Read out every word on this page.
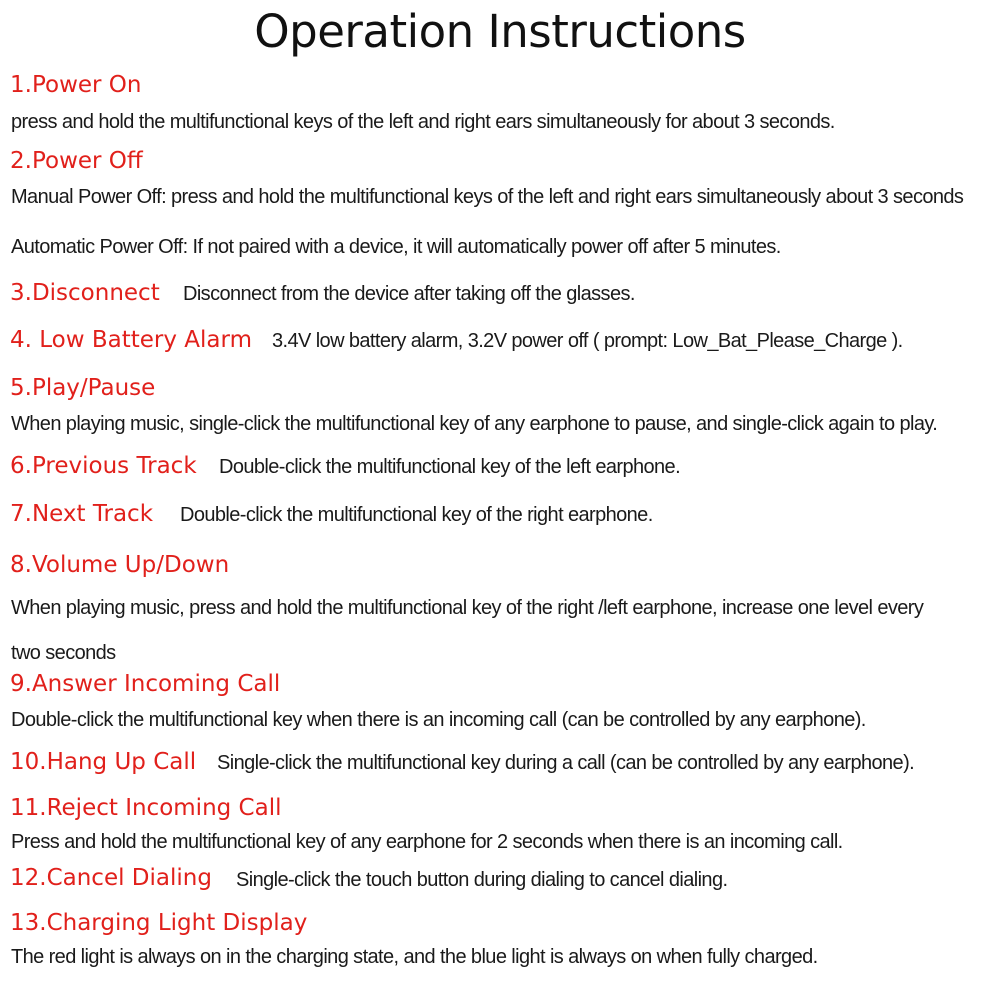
Operation Instructions
1.Power On
press and hold the multifunctional keys of the left and right ears simultaneously for about 3 seconds.
2.Power Off
Manual Power Off: press and hold the multifunctional keys of the left and right ears simultaneously about 3 seconds
Automatic Power Off: If not paired with a device, it will automatically power off after 5 minutes.
3.Disconnect Disconnect from the device after taking off the glasses.
4. Low Battery Alarm 3.4V low battery alarm, 3.2V power off ( prompt: Low_Bat_Please_Charge ).
5.Play/Pause
When playing music, single-click the multifunctional key of any earphone to pause, and single-click again to play.
6.Previous Track Double-click the multifunctional key of the left earphone.
7.Next Track Double-click the multifunctional key of the right earphone.
8.Volume Up/Down
When playing music, press and hold the multifunctional key of the right /left earphone, increase one level every
two seconds
9.Answer Incoming Call
Double-click the multifunctional key when there is an incoming call (can be controlled by any earphone).
10.Hang Up Call Single-click the multifunctional key during a call (can be controlled by any earphone).
11.Reject Incoming Call
Press and hold the multifunctional key of any earphone for 2 seconds when there is an incoming call.
12.Cancel Dialing Single-click the touch button during dialing to cancel dialing.
13.Charging Light Display
The red light is always on in the charging state, and the blue light is always on when fully charged.
